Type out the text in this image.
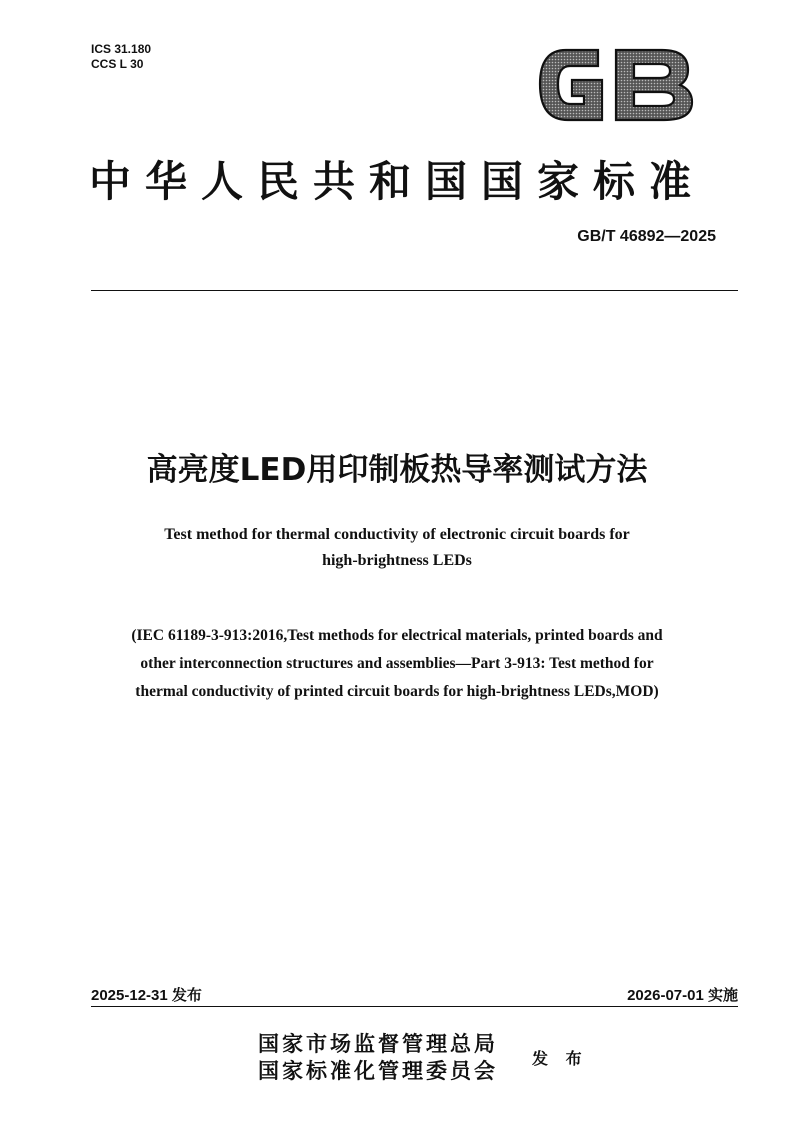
ICS 31.180
CCS L 30
中华人民共和国国家标准
GB/T 46892—2025
高亮度LED用印制板热导率测试方法
Test method for thermal conductivity of electronic circuit boards for
high-brightness LEDs
(IEC 61189-3-913:2016,Test methods for electrical materials, printed boards and
other interconnection structures and assemblies—Part 3-913: Test method for
thermal conductivity of printed circuit boards for high-brightness LEDs,MOD)
2025-12-31 发布	2026-07-01 实施
国家市场监督管理总局
国家标准化管理委员会
发 布
